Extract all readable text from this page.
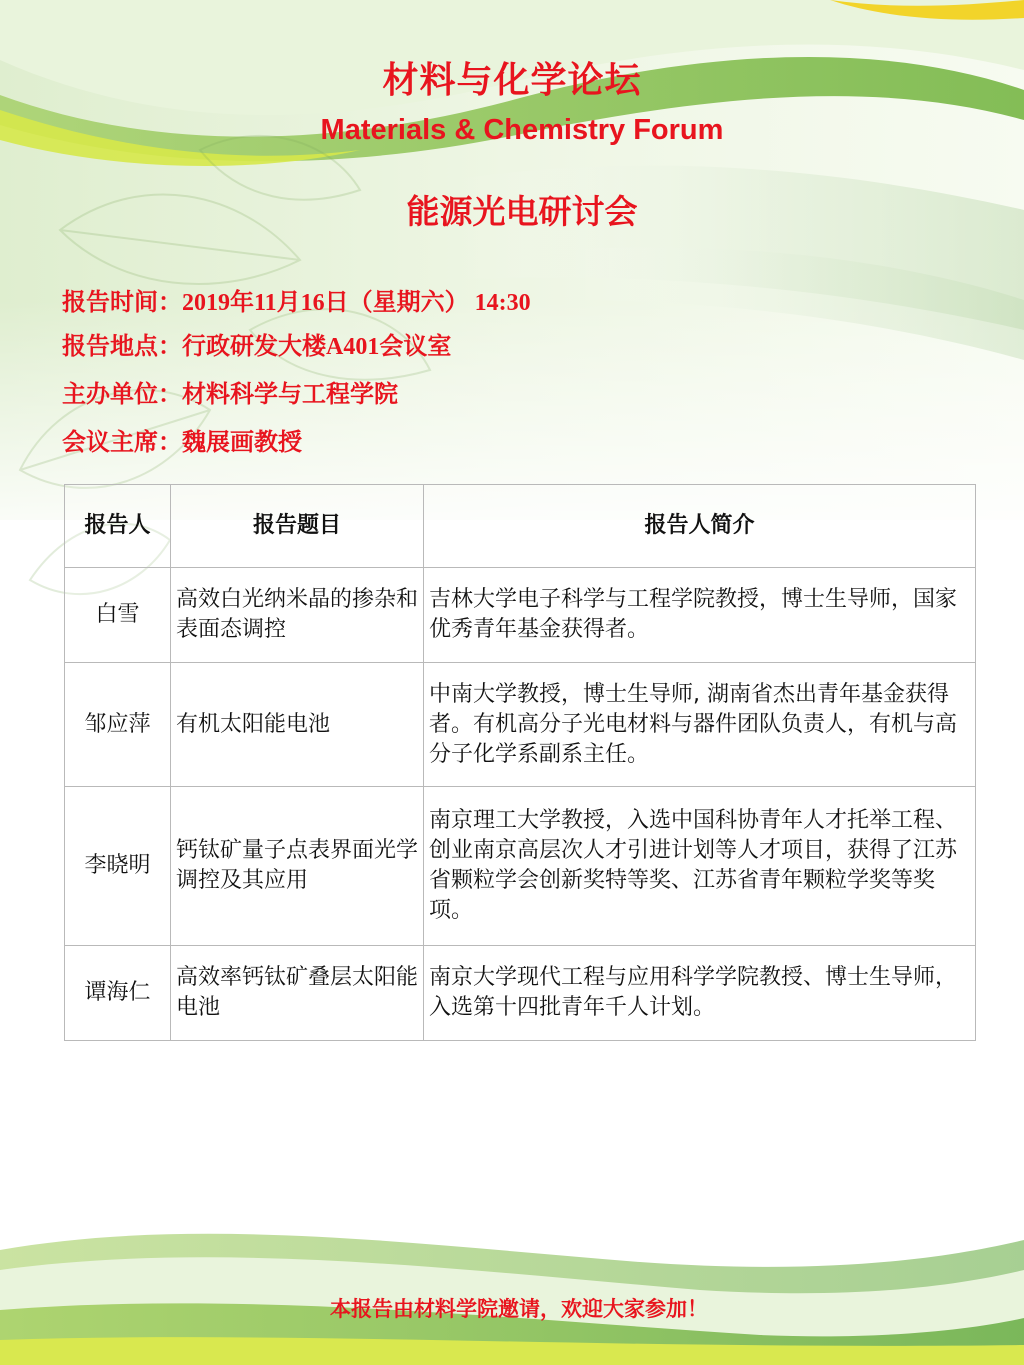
材料与化学论坛
Materials & Chemistry Forum
能源光电研讨会
报告时间：2019年11月16日（星期六） 14:30
报告地点：行政研发大楼A401会议室
主办单位：材料科学与工程学院
会议主席：魏展画教授
报告人	报告题目	报告人简介
白雪	高效白光纳米晶的掺杂和表面态调控	吉林大学电子科学与工程学院教授，博士生导师，国家优秀青年基金获得者。
邹应萍	有机太阳能电池	中南大学教授，博士生导师, 湖南省杰出青年基金获得者。有机高分子光电材料与器件团队负责人，有机与高分子化学系副系主任。
李晓明	钙钛矿量子点表界面光学调控及其应用	南京理工大学教授，入选中国科协青年人才托举工程、创业南京高层次人才引进计划等人才项目，获得了江苏省颗粒学会创新奖特等奖、江苏省青年颗粒学奖等奖项。
谭海仁	高效率钙钛矿叠层太阳能电池	南京大学现代工程与应用科学学院教授、博士生导师，入选第十四批青年千人计划。
本报告由材料学院邀请，欢迎大家参加！
